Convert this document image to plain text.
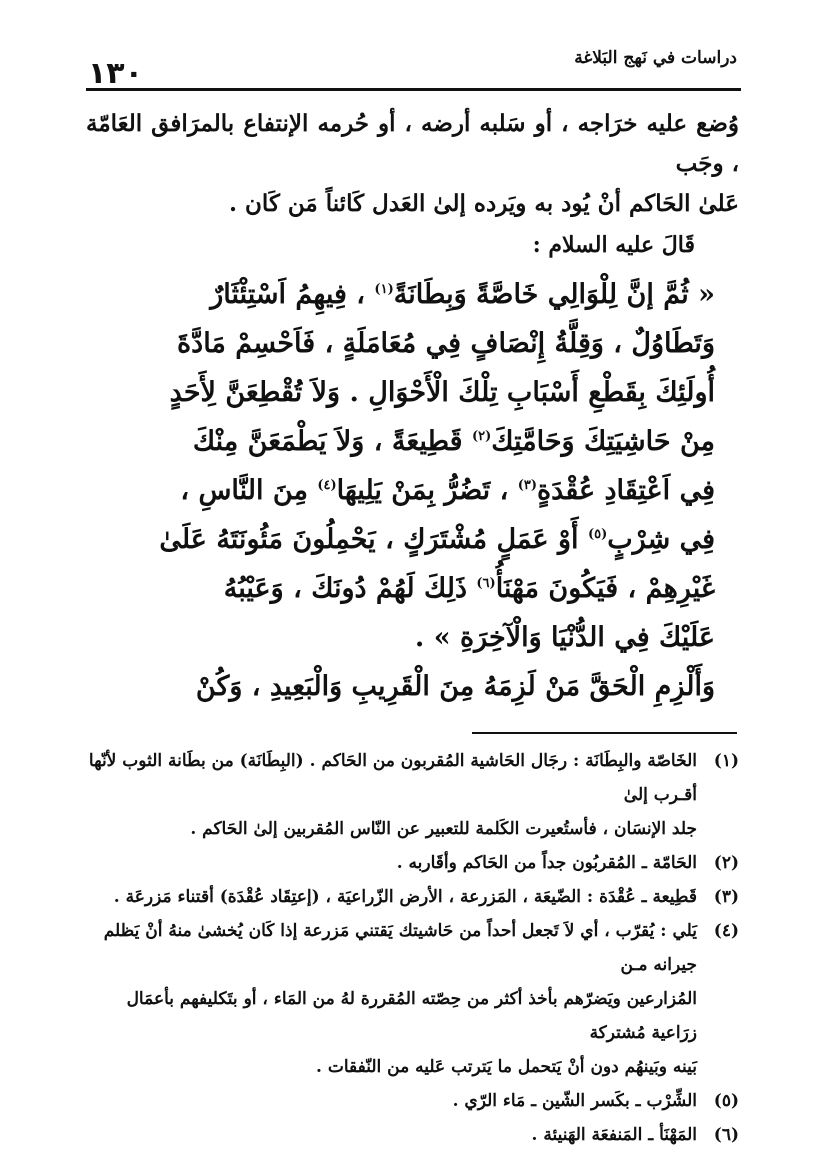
دراسات في نَهج البَلاغة
١٣٠

وُضع عليه خرَاجه ، أو سَلبه أرضه ، أو حُرمه الإنتفاع بالمرَافق العَامّة ، وجَب
عَلىٰ الحَاكم أنْ يُود به ويَرده إلىٰ العَدل كَائناً مَن كَان .

قَالَ عليه السلام :

« ثُمَّ إنَّ لِلْوَالِي خَاصَّةً وَبِطَانَةً$^{(١)}$ ، فِيهِمُ اَسْتِئْثَارٌ
وَتَطَاوُلٌ ، وَقِلَّةُ إِنْصَافٍ فِي مُعَامَلَةٍ ، فَاَحْسِمْ مَادَّةَ
أُولَئِكَ بِقَطْعِ أَسْبَابِ تِلْكَ الْأَحْوَالِ . وَلاَ تُقْطِعَنَّ لِأَحَدٍ
مِنْ حَاشِيَتِكَ وَحَامَّتِكَ$^{(٢)}$ قَطِيعَةً ، وَلاَ يَطْمَعَنَّ مِنْكَ
فِي اَعْتِقَادِ عُقْدَةٍ$^{(٣)}$ ، تَضُرُّ بِمَنْ يَلِيهَا$^{(٤)}$ مِنَ النَّاسِ ،
فِي شِرْبٍ$^{(٥)}$ أَوْ عَمَلٍ مُشْتَرَكٍ ، يَحْمِلُونَ مَئُونَتَهُ عَلَىٰ
غَيْرِهِمْ ، فَيَكُونَ مَهْنَأُ$^{(٦)}$ ذَلِكَ لَهُمْ دُونَكَ ، وَعَيْبُهُ
عَلَيْكَ فِي الدُّنْيَا وَالْآخِرَةِ » .
وَأَلْزِمِ الْحَقَّ مَنْ لَزِمَهُ مِنَ الْقَرِيبِ وَالْبَعِيدِ ، وَكُنْ
(١)
الخَاصّة والبِطَانَة : رجَال الحَاشية المُقربون من الحَاكم . (البِطَانَة) من بطَانة الثوب لأنّها أقـرب إلىٰ
جلد الإنسَان ، فأستُعيرت الكَلمة للتعبير عن النّاس المُقربين إلىٰ الحَاكم .
(٢)
الحَامّة ـ المُقربُون جداً من الحَاكم وأقَاربه .
(٣)
قَطِيعة ـ عُقْدَة : الضّيعَة ، المَزرعة ، الأرض الزّراعيَة ، (إعتِقَاد عُقْدَة) أقتناء مَزرعَة .
(٤)
يَلي : يُقرّب ، أي لاَ تَجعل أحداً من حَاشيتك يَقتني مَزرعة إذا كَان يُخشىٰ منهُ أنْ يَظلم جيرانه مـن
المُزارعين ويَضرّهم بأخذ أكثر من حِصّته المُقررة لهُ من المَاء ، أو بتَكليفهم بأعمَال زرَاعية مُشتركة
بَينه وبَينهُم دون أنْ يَتحمل ما يَترتب عَليه من النّفقات .
(٥)
الشِّرْب ـ بكَسر الشّين ـ مَاء الرّي .
(٦)
المَهْنَأ ـ المَنفعَة الهَنيئة .
